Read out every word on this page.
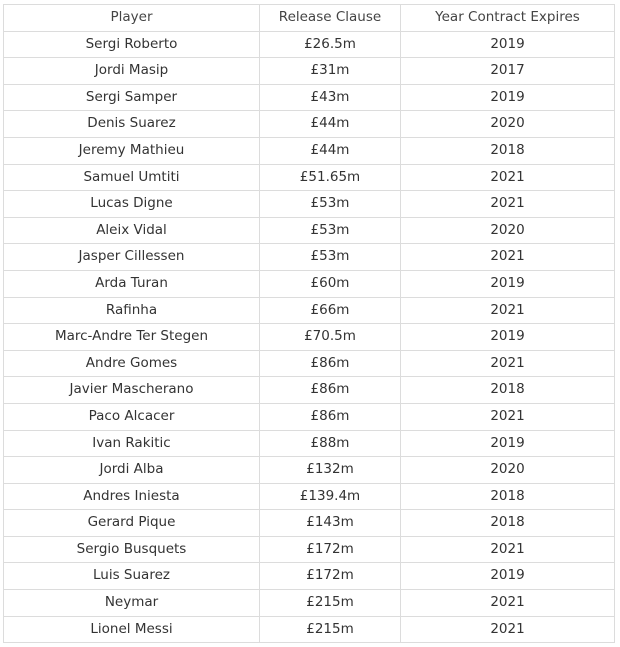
Player	Release Clause	Year Contract Expires
Sergi Roberto	£26.5m	2019
Jordi Masip	£31m	2017
Sergi Samper	£43m	2019
Denis Suarez	£44m	2020
Jeremy Mathieu	£44m	2018
Samuel Umtiti	£51.65m	2021
Lucas Digne	£53m	2021
Aleix Vidal	£53m	2020
Jasper Cillessen	£53m	2021
Arda Turan	£60m	2019
Rafinha	£66m	2021
Marc-Andre Ter Stegen	£70.5m	2019
Andre Gomes	£86m	2021
Javier Mascherano	£86m	2018
Paco Alcacer	£86m	2021
Ivan Rakitic	£88m	2019
Jordi Alba	£132m	2020
Andres Iniesta	£139.4m	2018
Gerard Pique	£143m	2018
Sergio Busquets	£172m	2021
Luis Suarez	£172m	2019
Neymar	£215m	2021
Lionel Messi	£215m	2021
